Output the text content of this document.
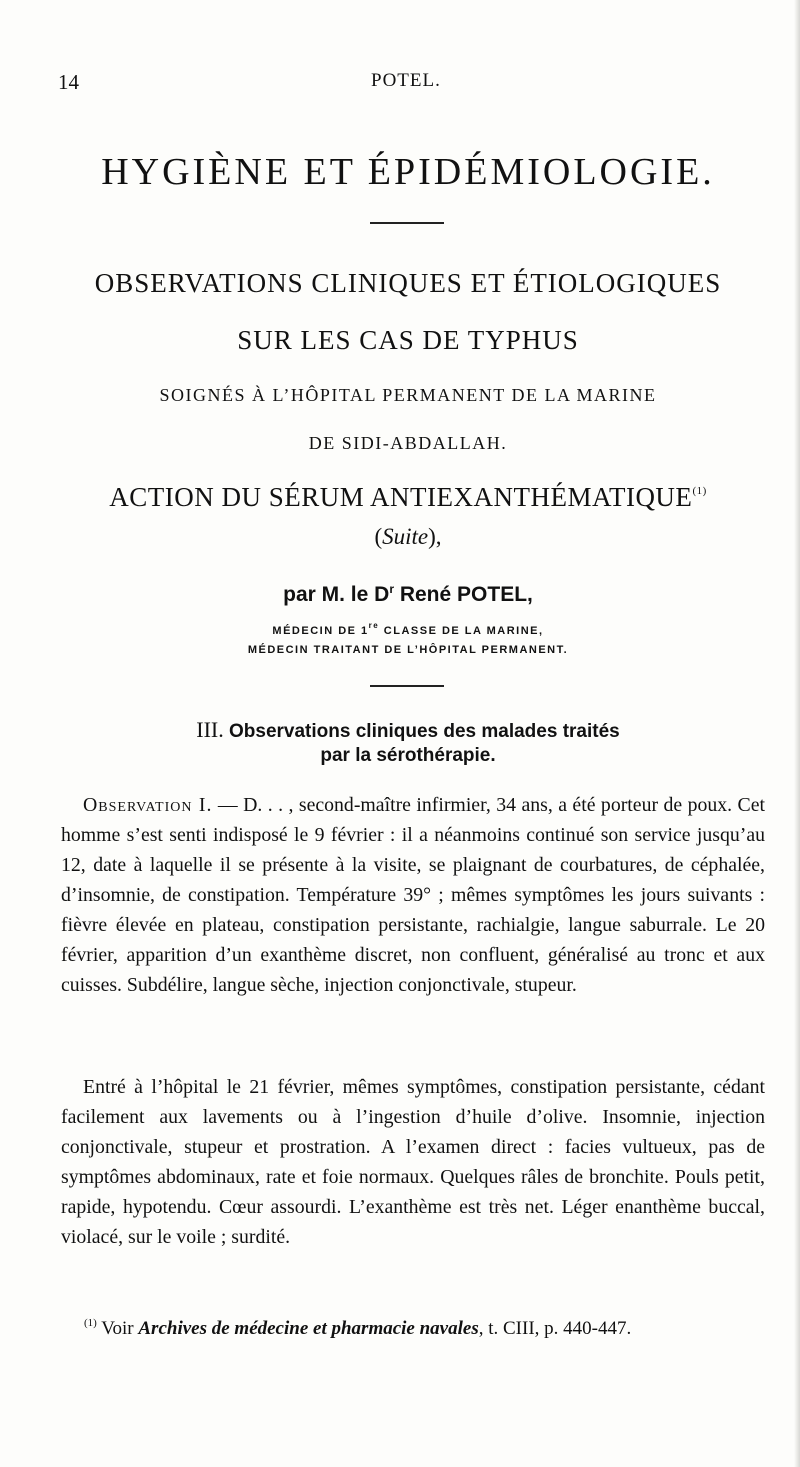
14	POTEL.
HYGIÈNE ET ÉPIDÉMIOLOGIE.
OBSERVATIONS CLINIQUES ET ÉTIOLOGIQUES
SUR LES CAS DE TYPHUS
SOIGNÉS À L’HÔPITAL PERMANENT DE LA MARINE
DE SIDI-ABDALLAH.
ACTION DU SÉRUM ANTIEXANTHÉMATIQUE$^{(1)}$
(Suite),
par M. le $D^r$ René POTEL,
MÉDECIN DE 1re CLASSE DE LA MARINE,
MÉDECIN TRAITANT DE L’HÔPITAL PERMANENT.
III. Observations cliniques des malades traités
par la sérothérapie.

Observation I. — D. . . , second-maître infirmier, 34 ans, a été porteur de poux. Cet homme s’est senti indisposé le 9 février : il a néanmoins continué son service jusqu’au 12, date à laquelle il se présente à la visite, se plaignant de courbatures, de céphalée, d’insomnie, de constipation. Température 39° ; mêmes symptômes les jours suivants : fièvre élevée en plateau, constipation persistante, rachialgie, langue saburrale. Le 20 février, apparition d’un exanthème discret, non confluent, généralisé au tronc et aux cuisses. Subdélire, langue sèche, injection conjonctivale, stupeur.

Entré à l’hôpital le 21 février, mêmes symptômes, constipation persistante, cédant facilement aux lavements ou à l’ingestion d’huile d’olive. Insomnie, injection conjonctivale, stupeur et prostration. A l’examen direct : facies vultueux, pas de symptômes abdominaux, rate et foie normaux. Quelques râles de bronchite. Pouls petit, rapide, hypotendu. Cœur assourdi. L’exanthème est très net. Léger enanthème buccal, violacé, sur le voile ; surdité.

$^{(1)}$ Voir Archives de médecine et pharmacie navales, t. CIII, p. 440-447.
